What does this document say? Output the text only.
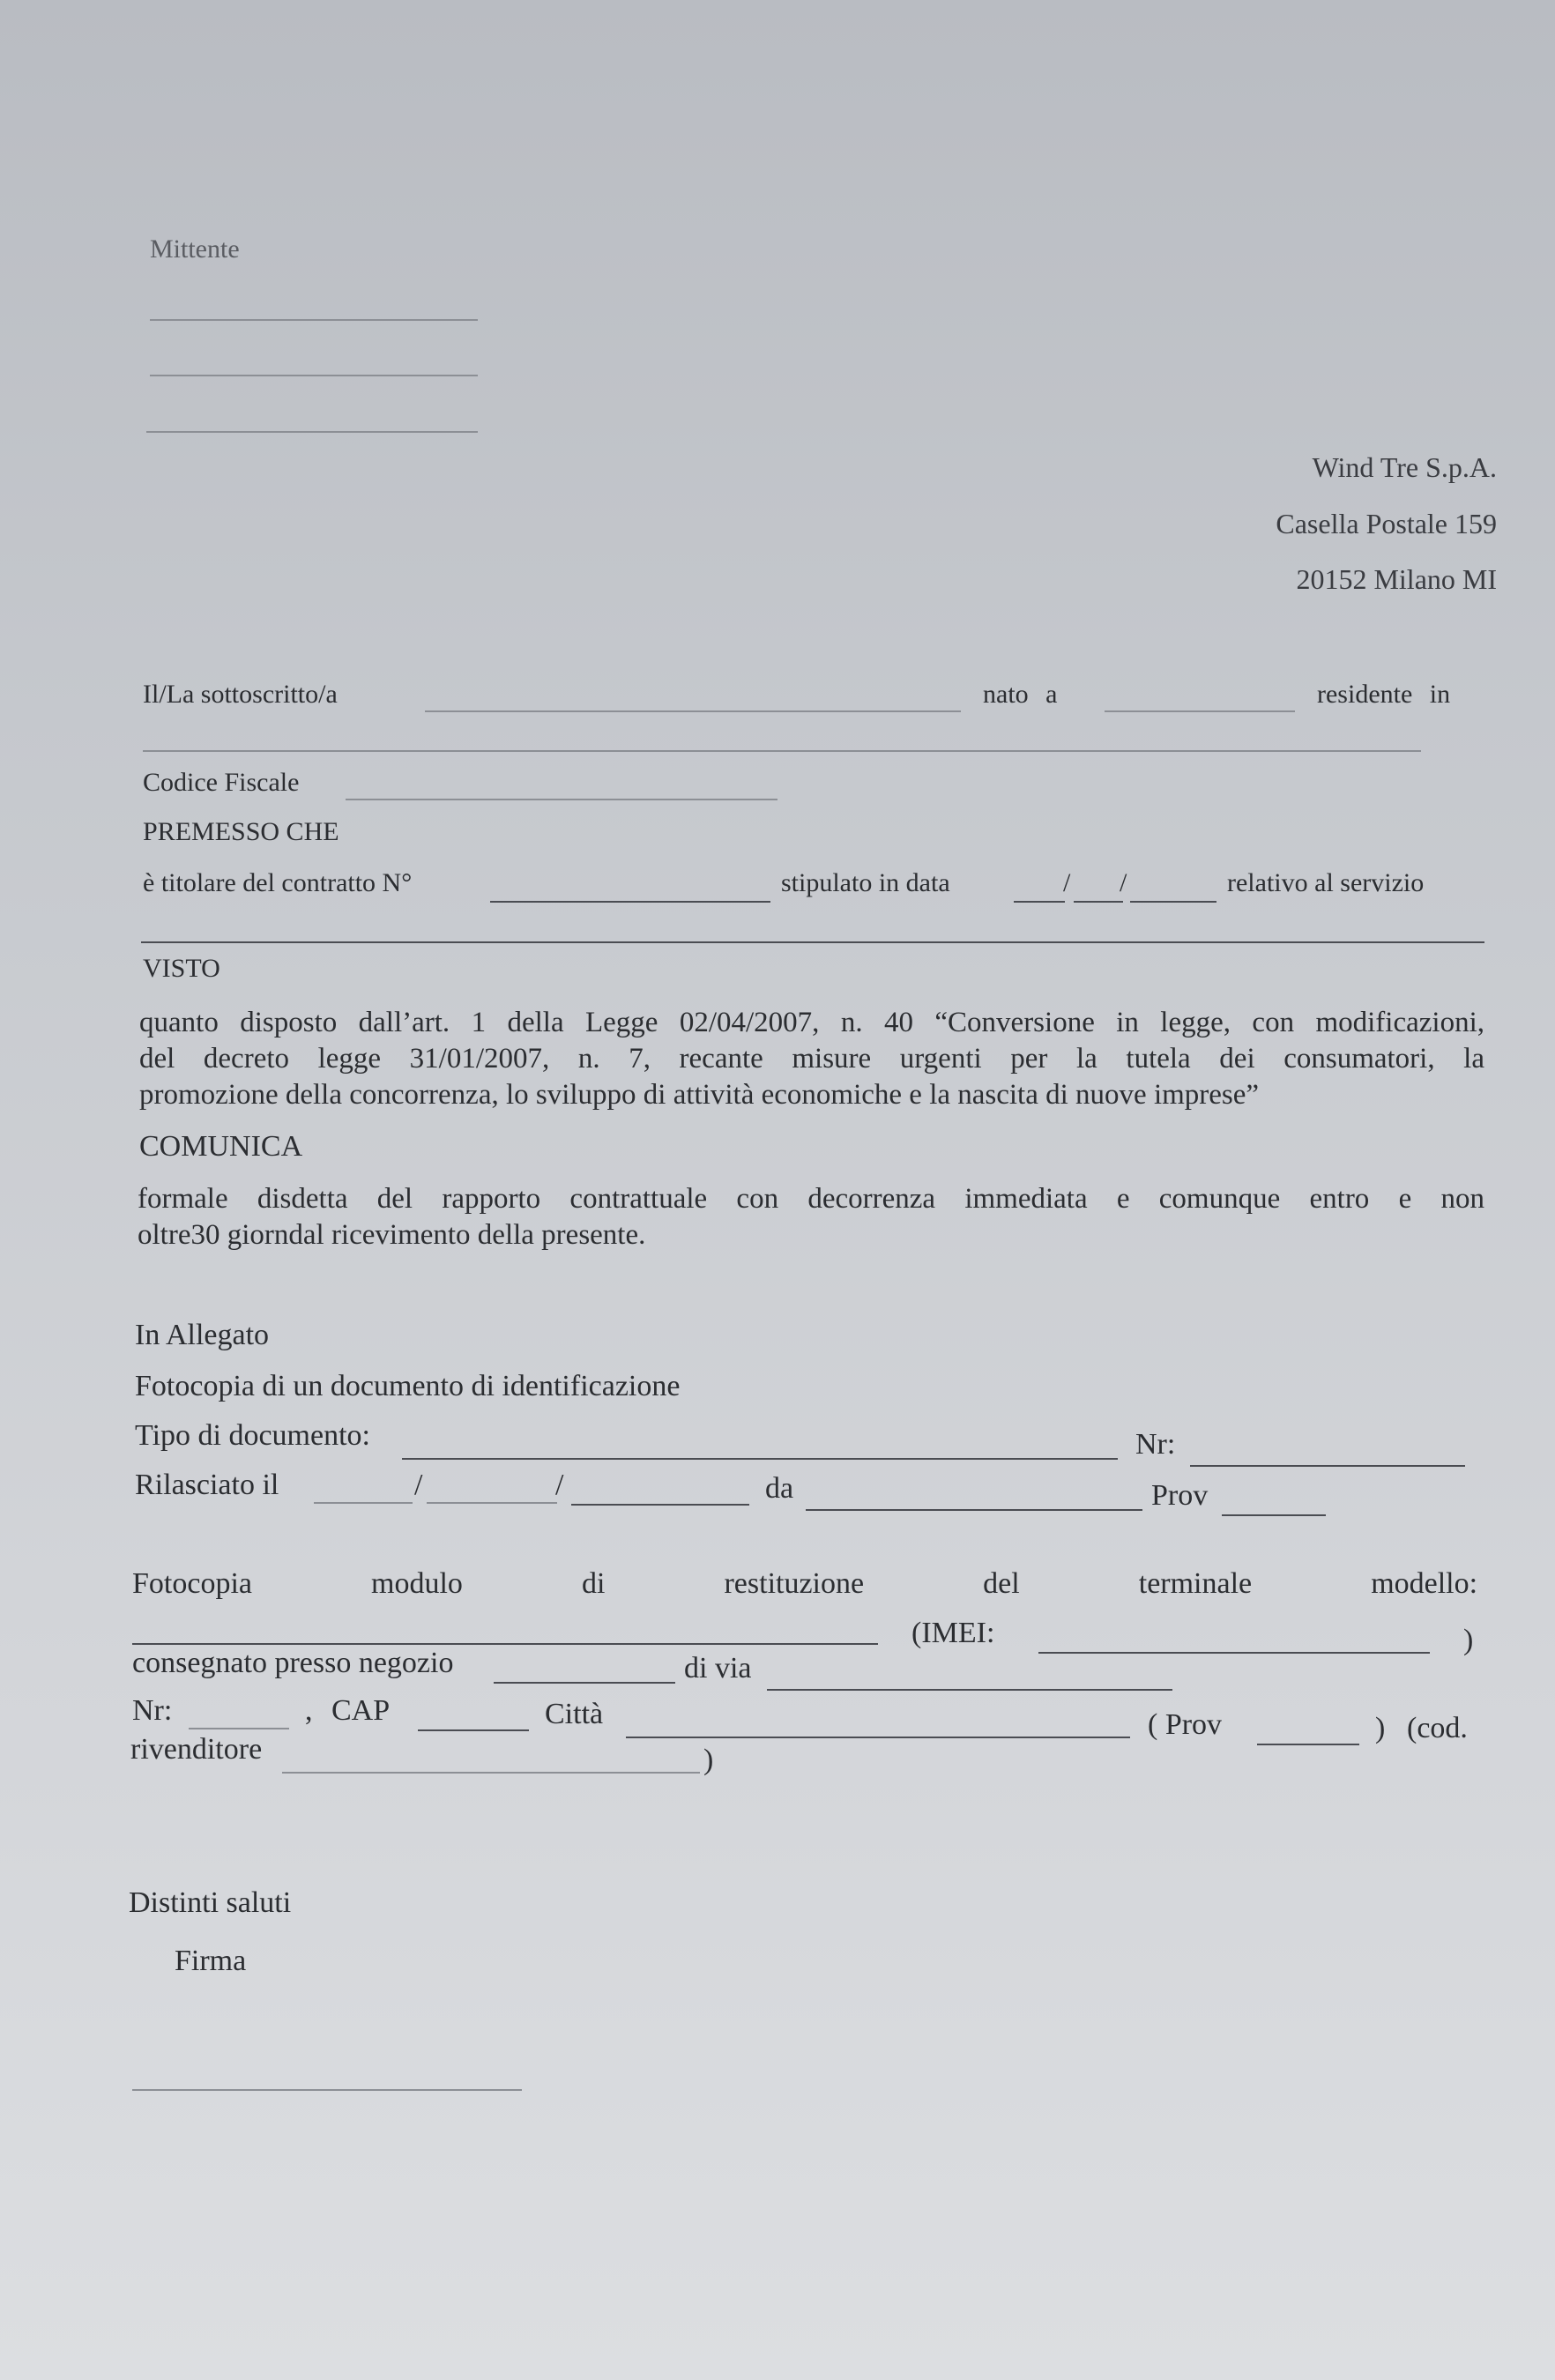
Mittente
Wind Tre S.p.A.
Casella Postale 159
20152 Milano MI
Il/La sottoscritto/a	nato a	residente in
Codice Fiscale
PREMESSO CHE
è titolare del contratto N°	stipulato in data	/ /	relativo al servizio
VISTO
quanto disposto dall’art. 1 della Legge 02/04/2007, n. 40 “Conversione in legge, con modificazioni,
del decreto legge 31/01/2007, n. 7, recante misure urgenti per la tutela dei consumatori, la
promozione della concorrenza, lo sviluppo di attività economiche e la nascita di nuove imprese”
COMUNICA
formale disdetta del rapporto contrattuale con decorrenza immediata e comunque entro e non
oltre30 giorndal ricevimento della presente.
In Allegato
Fotocopia di un documento di identificazione
Tipo di documento:	Nr:
Rilasciato il	/	/	da	Prov
Fotocopia	modulo	di	restituzione	del	terminale	modello:
(IMEI:	)
consegnato presso negozio	di via
Nr:	, CAP	Città	( Prov	) (cod.
rivenditore	)
Distinti saluti
Firma
